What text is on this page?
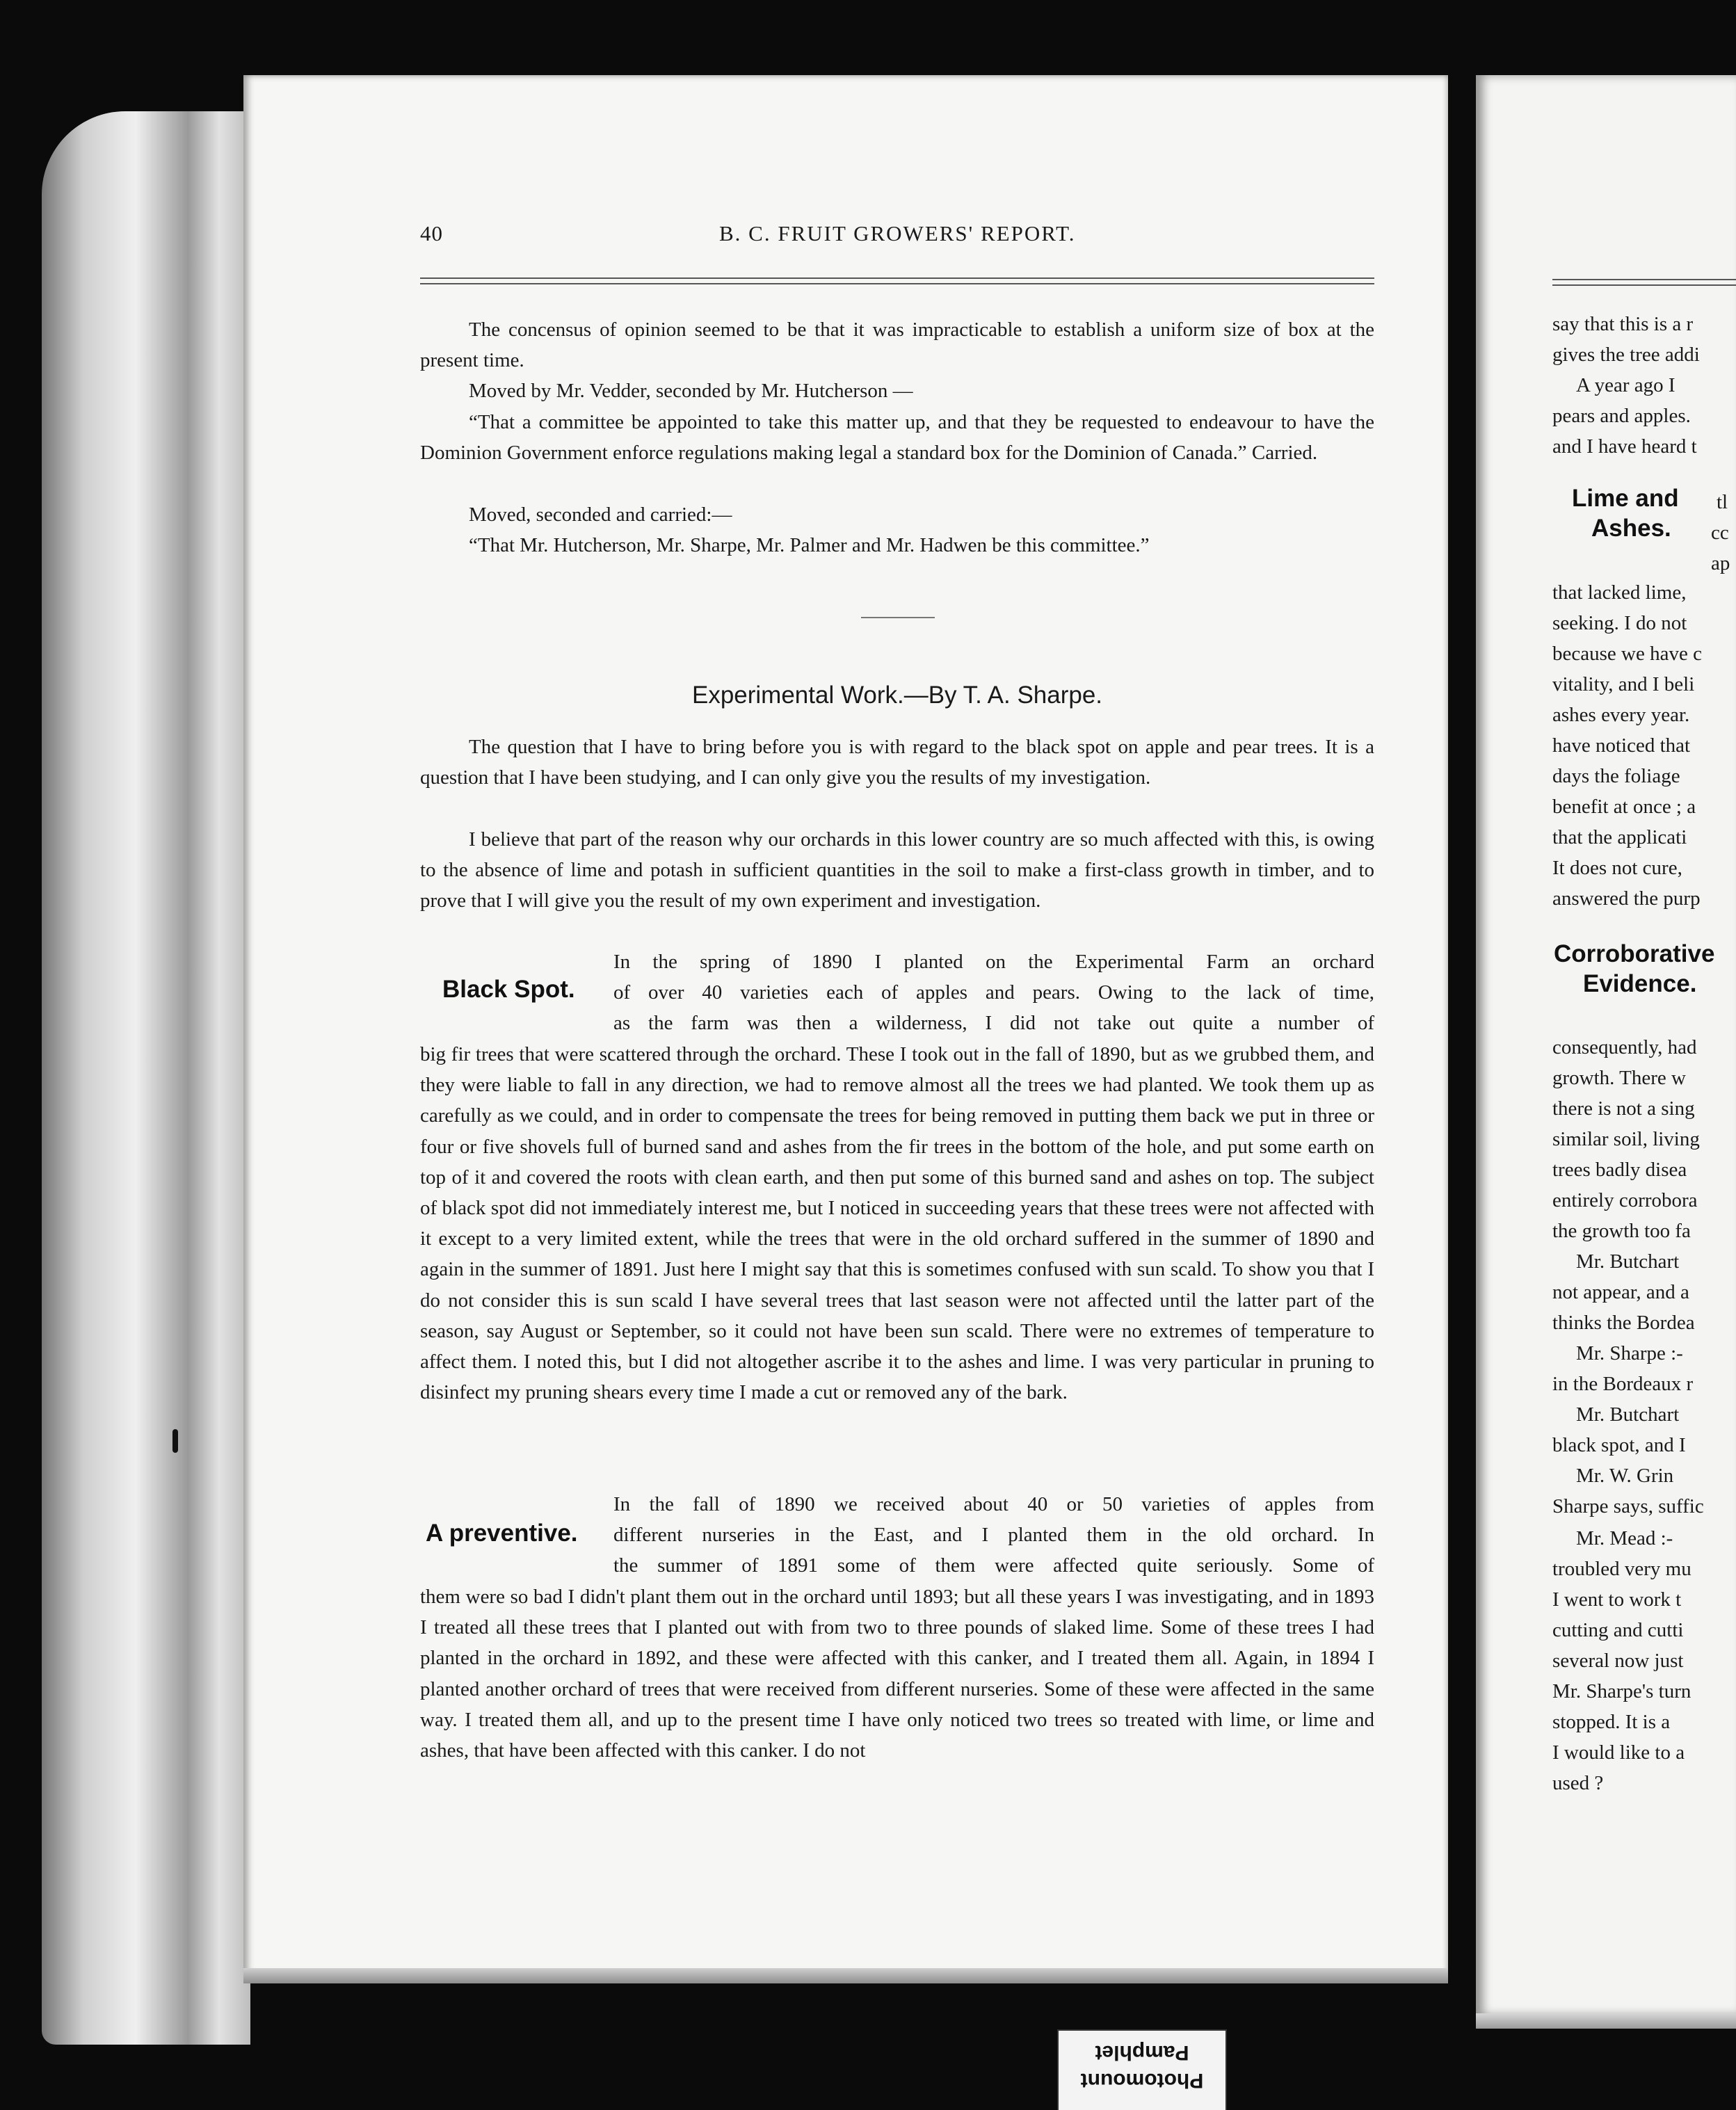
40	B. C. FRUIT GROWERS' REPORT.

The concensus of opinion seemed to be that it was impracticable to establish a uniform size of box at the present time.

Moved by Mr. Vedder, seconded by Mr. Hutcherson —

“That a committee be appointed to take this matter up, and that they be requested to endeavour to have the Dominion Government enforce regulations making legal a standard box for the Dominion of Canada.” Carried.

Moved, seconded and carried:—

“That Mr. Hutcherson, Mr. Sharpe, Mr. Palmer and Mr. Hadwen be this committee.”

Experimental Work.—By T. A. Sharpe.

The question that I have to bring before you is with regard to the black spot on apple and pear trees. It is a question that I have been studying, and I can only give you the results of my investigation.

I believe that part of the reason why our orchards in this lower country are so much affected with this, is owing to the absence of lime and potash in sufficient quantities in the soil to make a first-class growth in timber, and to prove that I will give you the result of my own experiment and investigation.

Black Spot.
In the spring of 1890 I planted on the Experimental Farm an orchard
of over 40 varieties each of apples and pears. Owing to the lack of time,
as the farm was then a wilderness, I did not take out quite a number of

big fir trees that were scattered through the orchard. These I took out in the fall of 1890, but as we grubbed them, and they were liable to fall in any direction, we had to remove almost all the trees we had planted. We took them up as carefully as we could, and in order to compensate the trees for being removed in putting them back we put in three or four or five shovels full of burned sand and ashes from the fir trees in the bottom of the hole, and put some earth on top of it and covered the roots with clean earth, and then put some of this burned sand and ashes on top. The subject of black spot did not immediately interest me, but I noticed in succeeding years that these trees were not affected with it except to a very limited extent, while the trees that were in the old orchard suffered in the summer of 1890 and again in the summer of 1891. Just here I might say that this is sometimes confused with sun scald. To show you that I do not consider this is sun scald I have several trees that last season were not affected until the latter part of the season, say August or September, so it could not have been sun scald. There were no extremes of temperature to affect them. I noted this, but I did not altogether ascribe it to the ashes and lime. I was very particular in pruning to disinfect my pruning shears every time I made a cut or removed any of the bark.

A preventive.
In the fall of 1890 we received about 40 or 50 varieties of apples from
different nurseries in the East, and I planted them in the old orchard. In
the summer of 1891 some of them were affected quite seriously. Some of

them were so bad I didn't plant them out in the orchard until 1893; but all these years I was investigating, and in 1893 I treated all these trees that I planted out with from two to three pounds of slaked lime. Some of these trees I had planted in the orchard in 1892, and these were affected with this canker, and I treated them all. Again, in 1894 I planted another orchard of trees that were received from different nurseries. Some of these were affected in the same way. I treated them all, and up to the present time I have only noticed two trees so treated with lime, or lime and ashes, that have been affected with this canker. I do not

say that this is a r
gives the tree addi
A year ago I
pears and apples.
and I have heard t
Lime and
Ashes.
tl
cc
ap
that lacked lime,
seeking. I do not
because we have c
vitality, and I beli
ashes every year.
have noticed that
days the foliage
benefit at once ; a
that the applicati
It does not cure,
answered the purp
Corroborative
Evidence.
consequently, had
growth. There w
there is not a sing
similar soil, living
trees badly disea
entirely corrobora
the growth too fa
Mr. Butchart
not appear, and a
thinks the Bordea
Mr. Sharpe :-
in the Bordeaux r
Mr. Butchart
black spot, and I
Mr. W. Grin
Sharpe says, suffic
Mr. Mead :-
troubled very mu
I went to work t
cutting and cutti
several now just
Mr. Sharpe's turn
stopped. It is a
I would like to a
used ?
Pamphlet
Photomount
